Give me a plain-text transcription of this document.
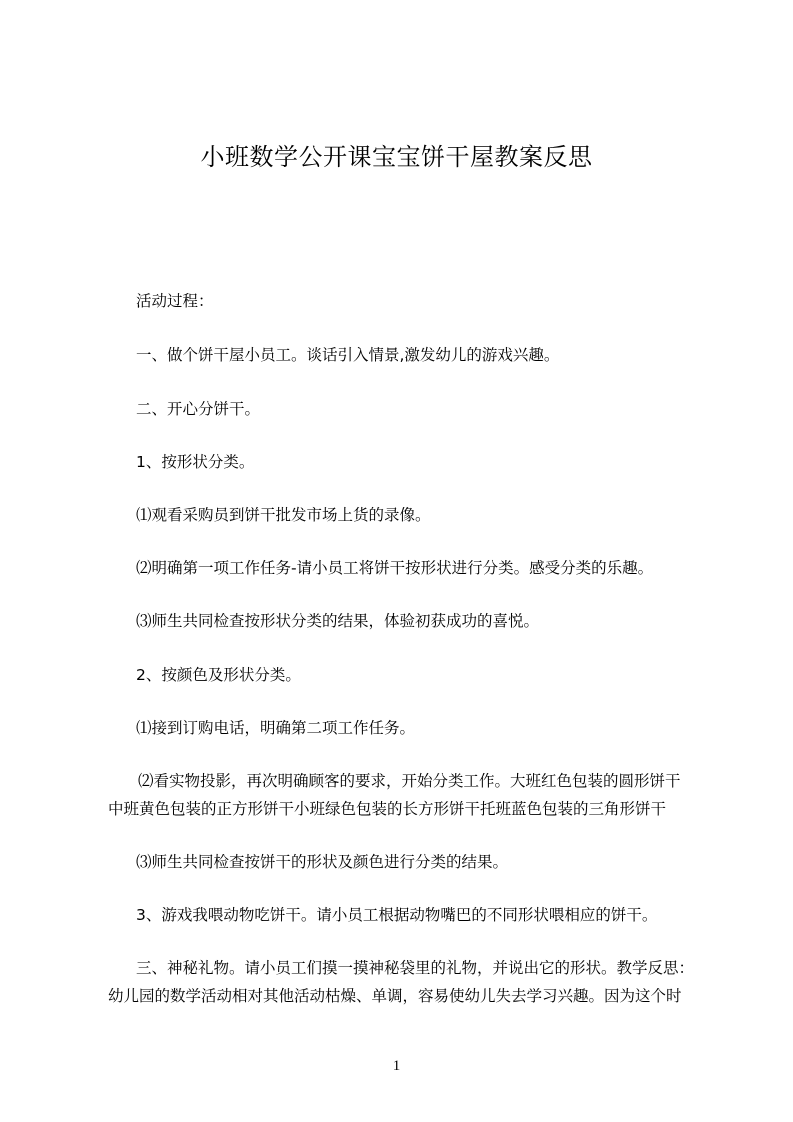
小班数学公开课宝宝饼干屋教案反思
活动过程：
一、做个饼干屋小员工。谈话引入情景,激发幼儿的游戏兴趣。
二、开心分饼干。
1、按形状分类。
⑴观看采购员到饼干批发市场上货的录像。
⑵明确第一项工作任务-请小员工将饼干按形状进行分类。感受分类的乐趣。
⑶师生共同检查按形状分类的结果，体验初获成功的喜悦。
2、按颜色及形状分类。
⑴接到订购电话，明确第二项工作任务。
⑵看实物投影，再次明确顾客的要求，开始分类工作。大班红色包装的圆形饼干
中班黄色包装的正方形饼干小班绿色包装的长方形饼干托班蓝色包装的三角形饼干
⑶师生共同检查按饼干的形状及颜色进行分类的结果。
3、游戏我喂动物吃饼干。请小员工根据动物嘴巴的不同形状喂相应的饼干。
三、神秘礼物。请小员工们摸一摸神秘袋里的礼物，并说出它的形状。教学反思：
幼儿园的数学活动相对其他活动枯燥、单调，容易使幼儿失去学习兴趣。因为这个时
1
